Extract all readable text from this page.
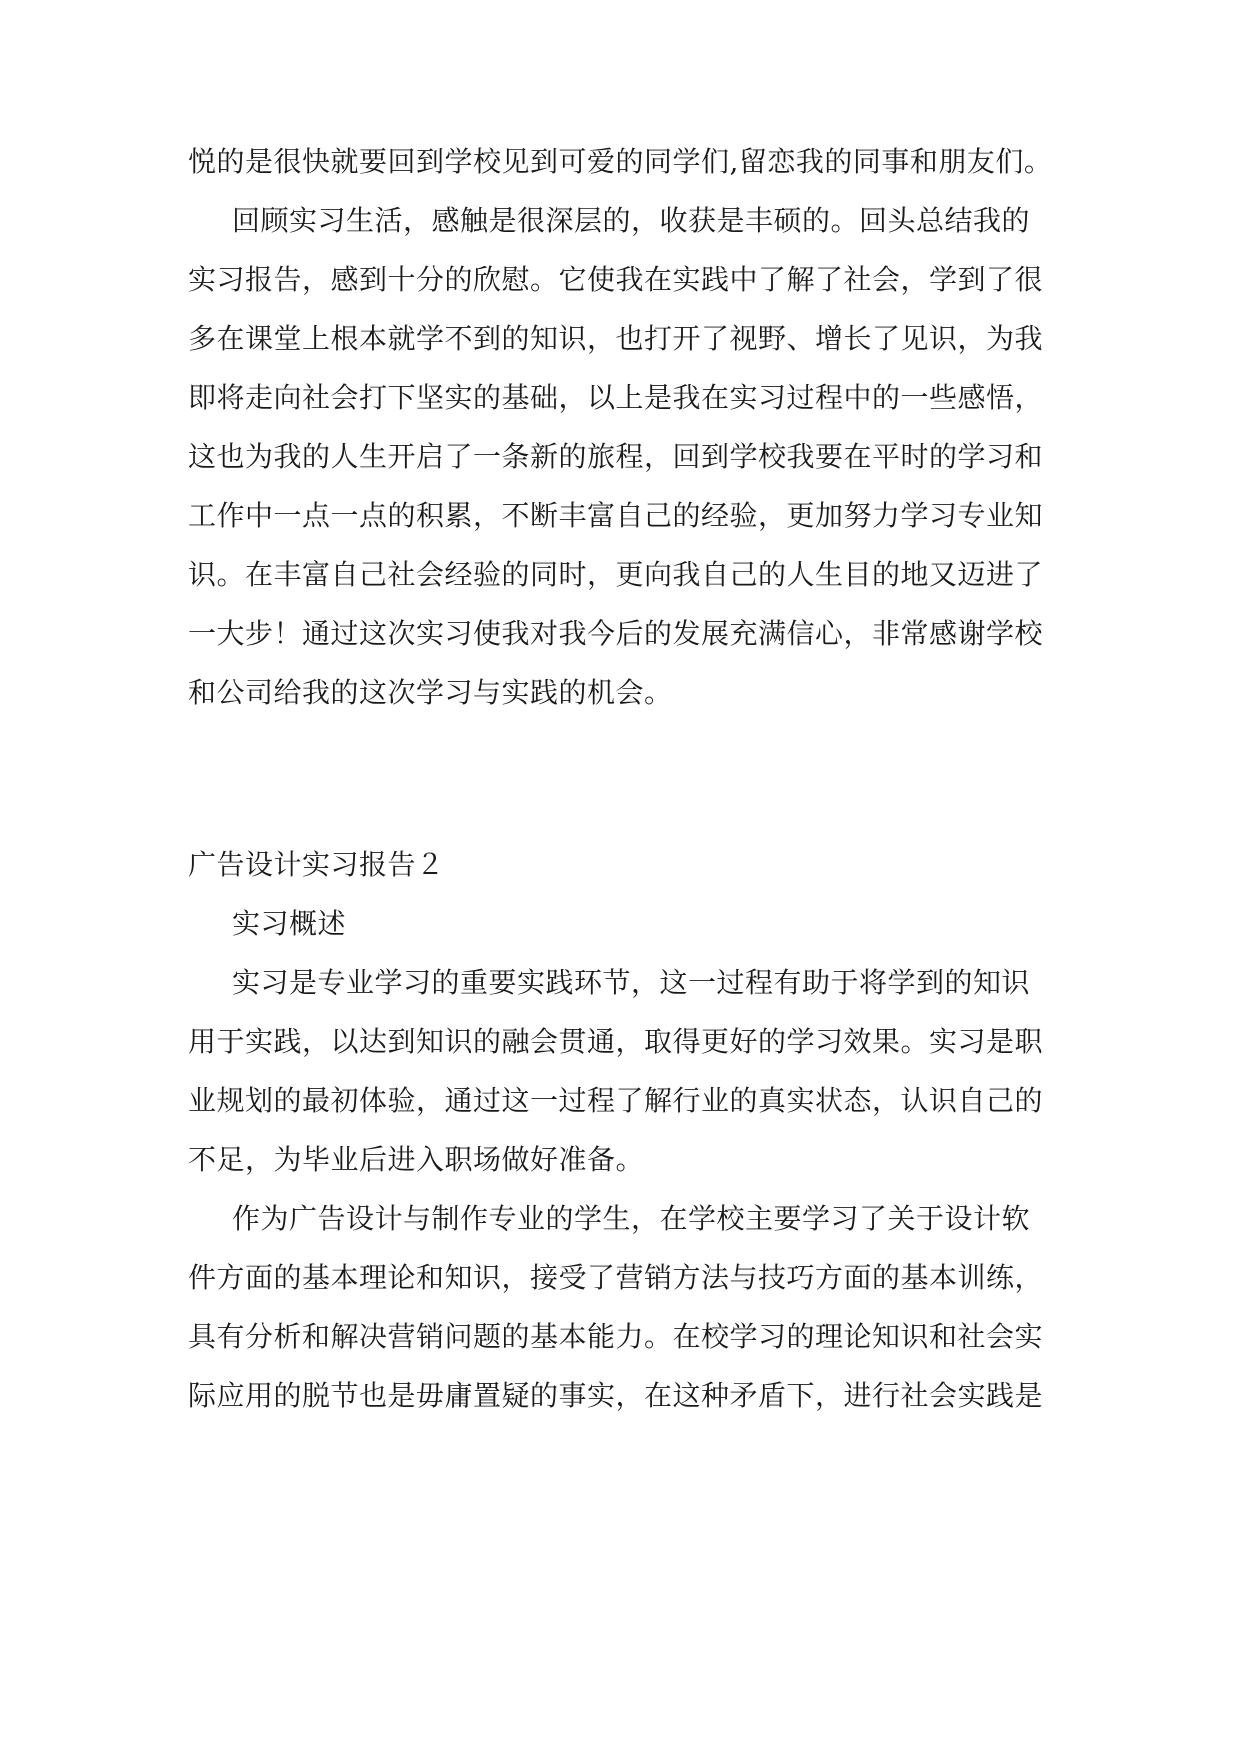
悦的是很快就要回到学校见到可爱的同学们,留恋我的同事和朋友们。
回顾实习生活，感触是很深层的，收获是丰硕的。回头总结我的
实习报告，感到十分的欣慰。它使我在实践中了解了社会，学到了很
多在课堂上根本就学不到的知识，也打开了视野、增长了见识，为我
即将走向社会打下坚实的基础，以上是我在实习过程中的一些感悟，
这也为我的人生开启了一条新的旅程，回到学校我要在平时的学习和
工作中一点一点的积累，不断丰富自己的经验，更加努力学习专业知
识。在丰富自己社会经验的同时，更向我自己的人生目的地又迈进了
一大步！通过这次实习使我对我今后的发展充满信心，非常感谢学校
和公司给我的这次学习与实践的机会。
广告设计实习报告２
实习概述
实习是专业学习的重要实践环节，这一过程有助于将学到的知识
用于实践，以达到知识的融会贯通，取得更好的学习效果。实习是职
业规划的最初体验，通过这一过程了解行业的真实状态，认识自己的
不足，为毕业后进入职场做好准备。
作为广告设计与制作专业的学生，在学校主要学习了关于设计软
件方面的基本理论和知识，接受了营销方法与技巧方面的基本训练，
具有分析和解决营销问题的基本能力。在校学习的理论知识和社会实
际应用的脱节也是毋庸置疑的事实，在这种矛盾下，进行社会实践是
